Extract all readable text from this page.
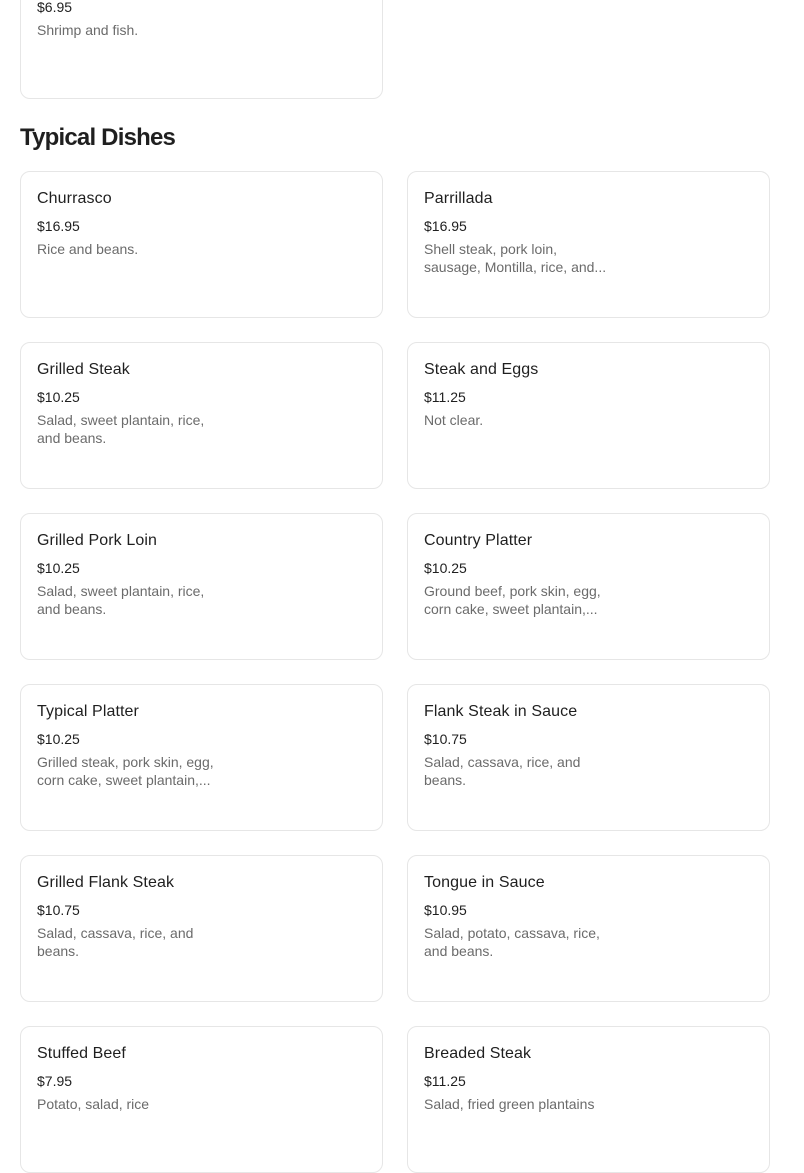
$6.95
Shrimp and fish.
Typical Dishes
Churrasco
$16.95
Rice and beans.
Parrillada
$16.95
Shell steak, pork loin, sausage, Montilla, rice, and...
Grilled Steak
$10.25
Salad, sweet plantain, rice, and beans.
Steak and Eggs
$11.25
Not clear.
Grilled Pork Loin
$10.25
Salad, sweet plantain, rice, and beans.
Country Platter
$10.25
Ground beef, pork skin, egg, corn cake, sweet plantain,...
Typical Platter
$10.25
Grilled steak, pork skin, egg, corn cake, sweet plantain,...
Flank Steak in Sauce
$10.75
Salad, cassava, rice, and beans.
Grilled Flank Steak
$10.75
Salad, cassava, rice, and beans.
Tongue in Sauce
$10.95
Salad, potato, cassava, rice, and beans.
Stuffed Beef
$7.95
Potato, salad, rice
Breaded Steak
$11.25
Salad, fried green plantains
